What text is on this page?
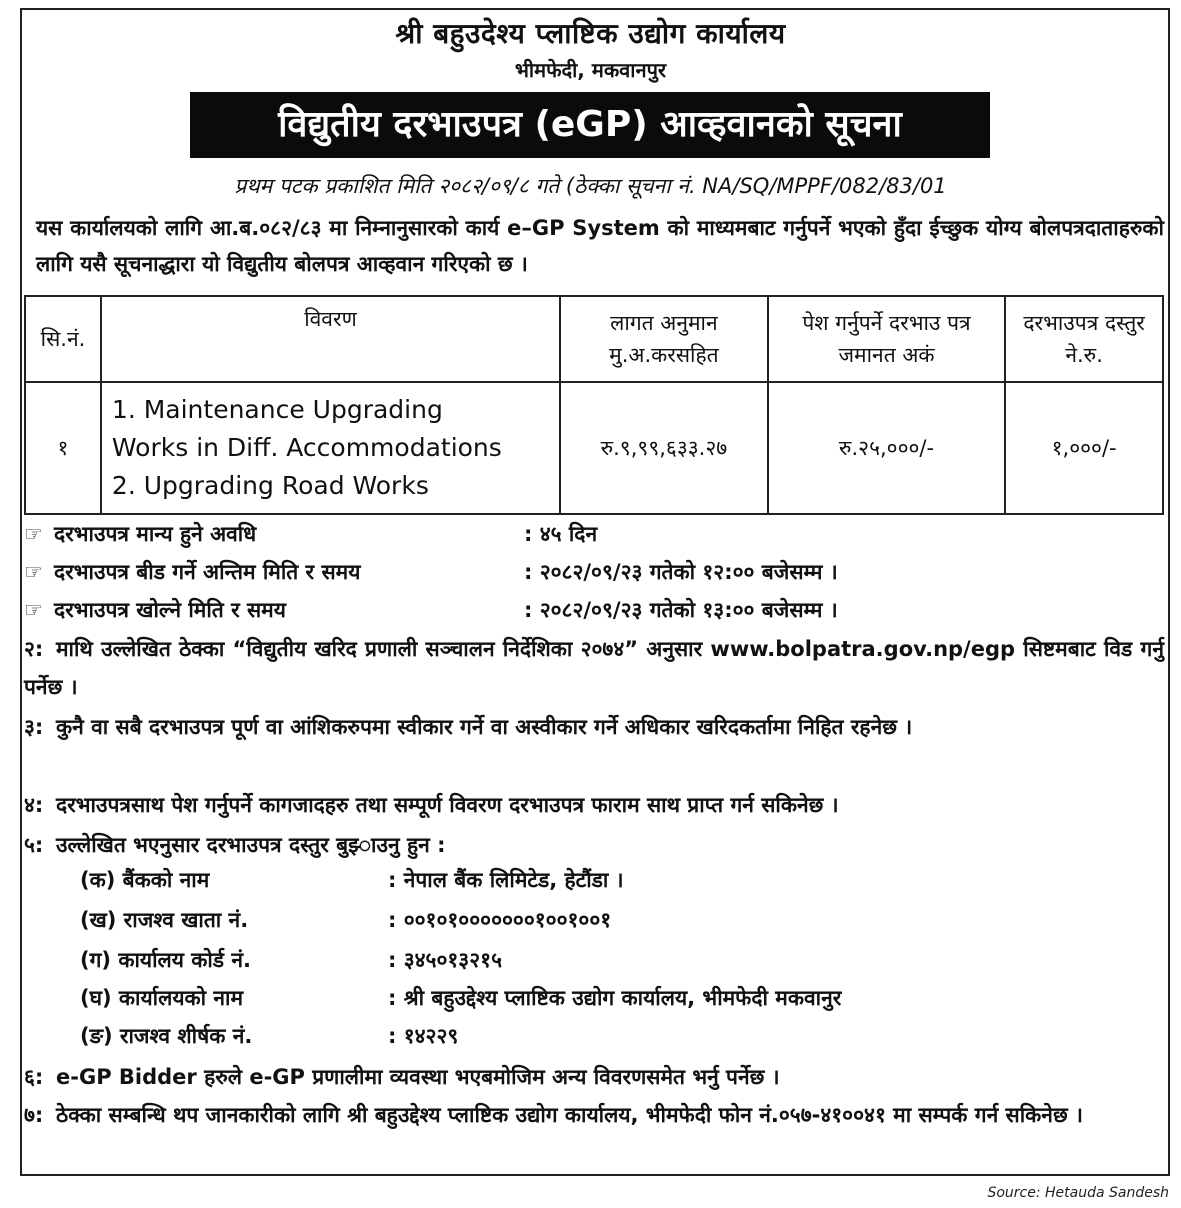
श्री बहुउदेश्य प्लाष्टिक उद्योग कार्यालय
भीमफेदी, मकवानपुर
विद्युतीय दरभाउपत्र (eGP) आव्हवानको सूचना
प्रथम पटक प्रकाशित मिति २०८२/०९/८ गते (ठेक्का सूचना नं. NA/SQ/MPPF/082/83/01
यस कार्यालयको लागि आ.ब.०८२/८३ मा निम्नानुसारको कार्य e–GP System को माध्यमबाट गर्नुपर्ने भएको हुँदा ईच्छुक योग्य बोलपत्रदाताहरुको लागि यसै सूचनाद्धारा यो विद्युतीय बोलपत्र आव्हवान गरिएको छ ।
सि.नं.	विवरण	लागत अनुमान मु.अ.करसहित	पेश गर्नुपर्ने दरभाउ पत्र जमानत अकं	दरभाउपत्र दस्तुर ने.रु.
१	1. Maintenance Upgrading
Works in Diff. Accommodations
2. Upgrading Road Works	रु.९,९९,६३३.२७	रु.२५,०००/-	१,०००/-
☞ दरभाउपत्र मान्य हुने अवधि	: ४५ दिन
☞ दरभाउपत्र बीड गर्ने अन्तिम मिति र समय	: २०८२/०९/२३ गतेको १२:०० बजेसम्म ।
☞ दरभाउपत्र खोल्ने मिति र समय	: २०८२/०९/२३ गतेको १३:०० बजेसम्म ।
२: माथि उल्लेखित ठेक्का “विद्युतीय खरिद प्रणाली सञ्चालन निर्देशिका २०७४” अनुसार www.bolpatra.gov.np/egp सिष्टमबाट विड गर्नु पर्नेछ ।
३: कुनै वा सबै दरभाउपत्र पूर्ण वा आंशिकरुपमा स्वीकार गर्ने वा अस्वीकार गर्ने अधिकार खरिदकर्तामा निहित रहनेछ ।
४: दरभाउपत्रसाथ पेश गर्नुपर्ने कागजादहरु तथा सम्पूर्ण विवरण दरभाउपत्र फाराम साथ प्राप्त गर्न सकिनेछ ।
५: उल्लेखित भएनुसार दरभाउपत्र दस्तुर बुझ्‍ाउनु हुन :
(क) बैंकको नाम	: नेपाल बैंक लिमिटेड, हेटौंडा ।
(ख) राजश्व खाता नं.	: ००१०१०००००००१००१००१
(ग) कार्यालय कोर्ड नं.	: ३४५०१३२१५
(घ) कार्यालयको नाम	: श्री बहुउद्देश्य प्लाष्टिक उद्योग कार्यालय, भीमफेदी मकवानुर
(ङ) राजश्व शीर्षक नं.	: १४२२९
६: e-GP Bidder हरुले e-GP प्रणालीमा व्यवस्था भएबमोजिम अन्य विवरणसमेत भर्नु पर्नेछ ।
७: ठेक्का सम्बन्धि थप जानकारीको लागि श्री बहुउद्देश्य प्लाष्टिक उद्योग कार्यालय, भीमफेदी फोन नं.०५७-४१००४१ मा सम्पर्क गर्न सकिनेछ ।
Source: Hetauda Sandesh
